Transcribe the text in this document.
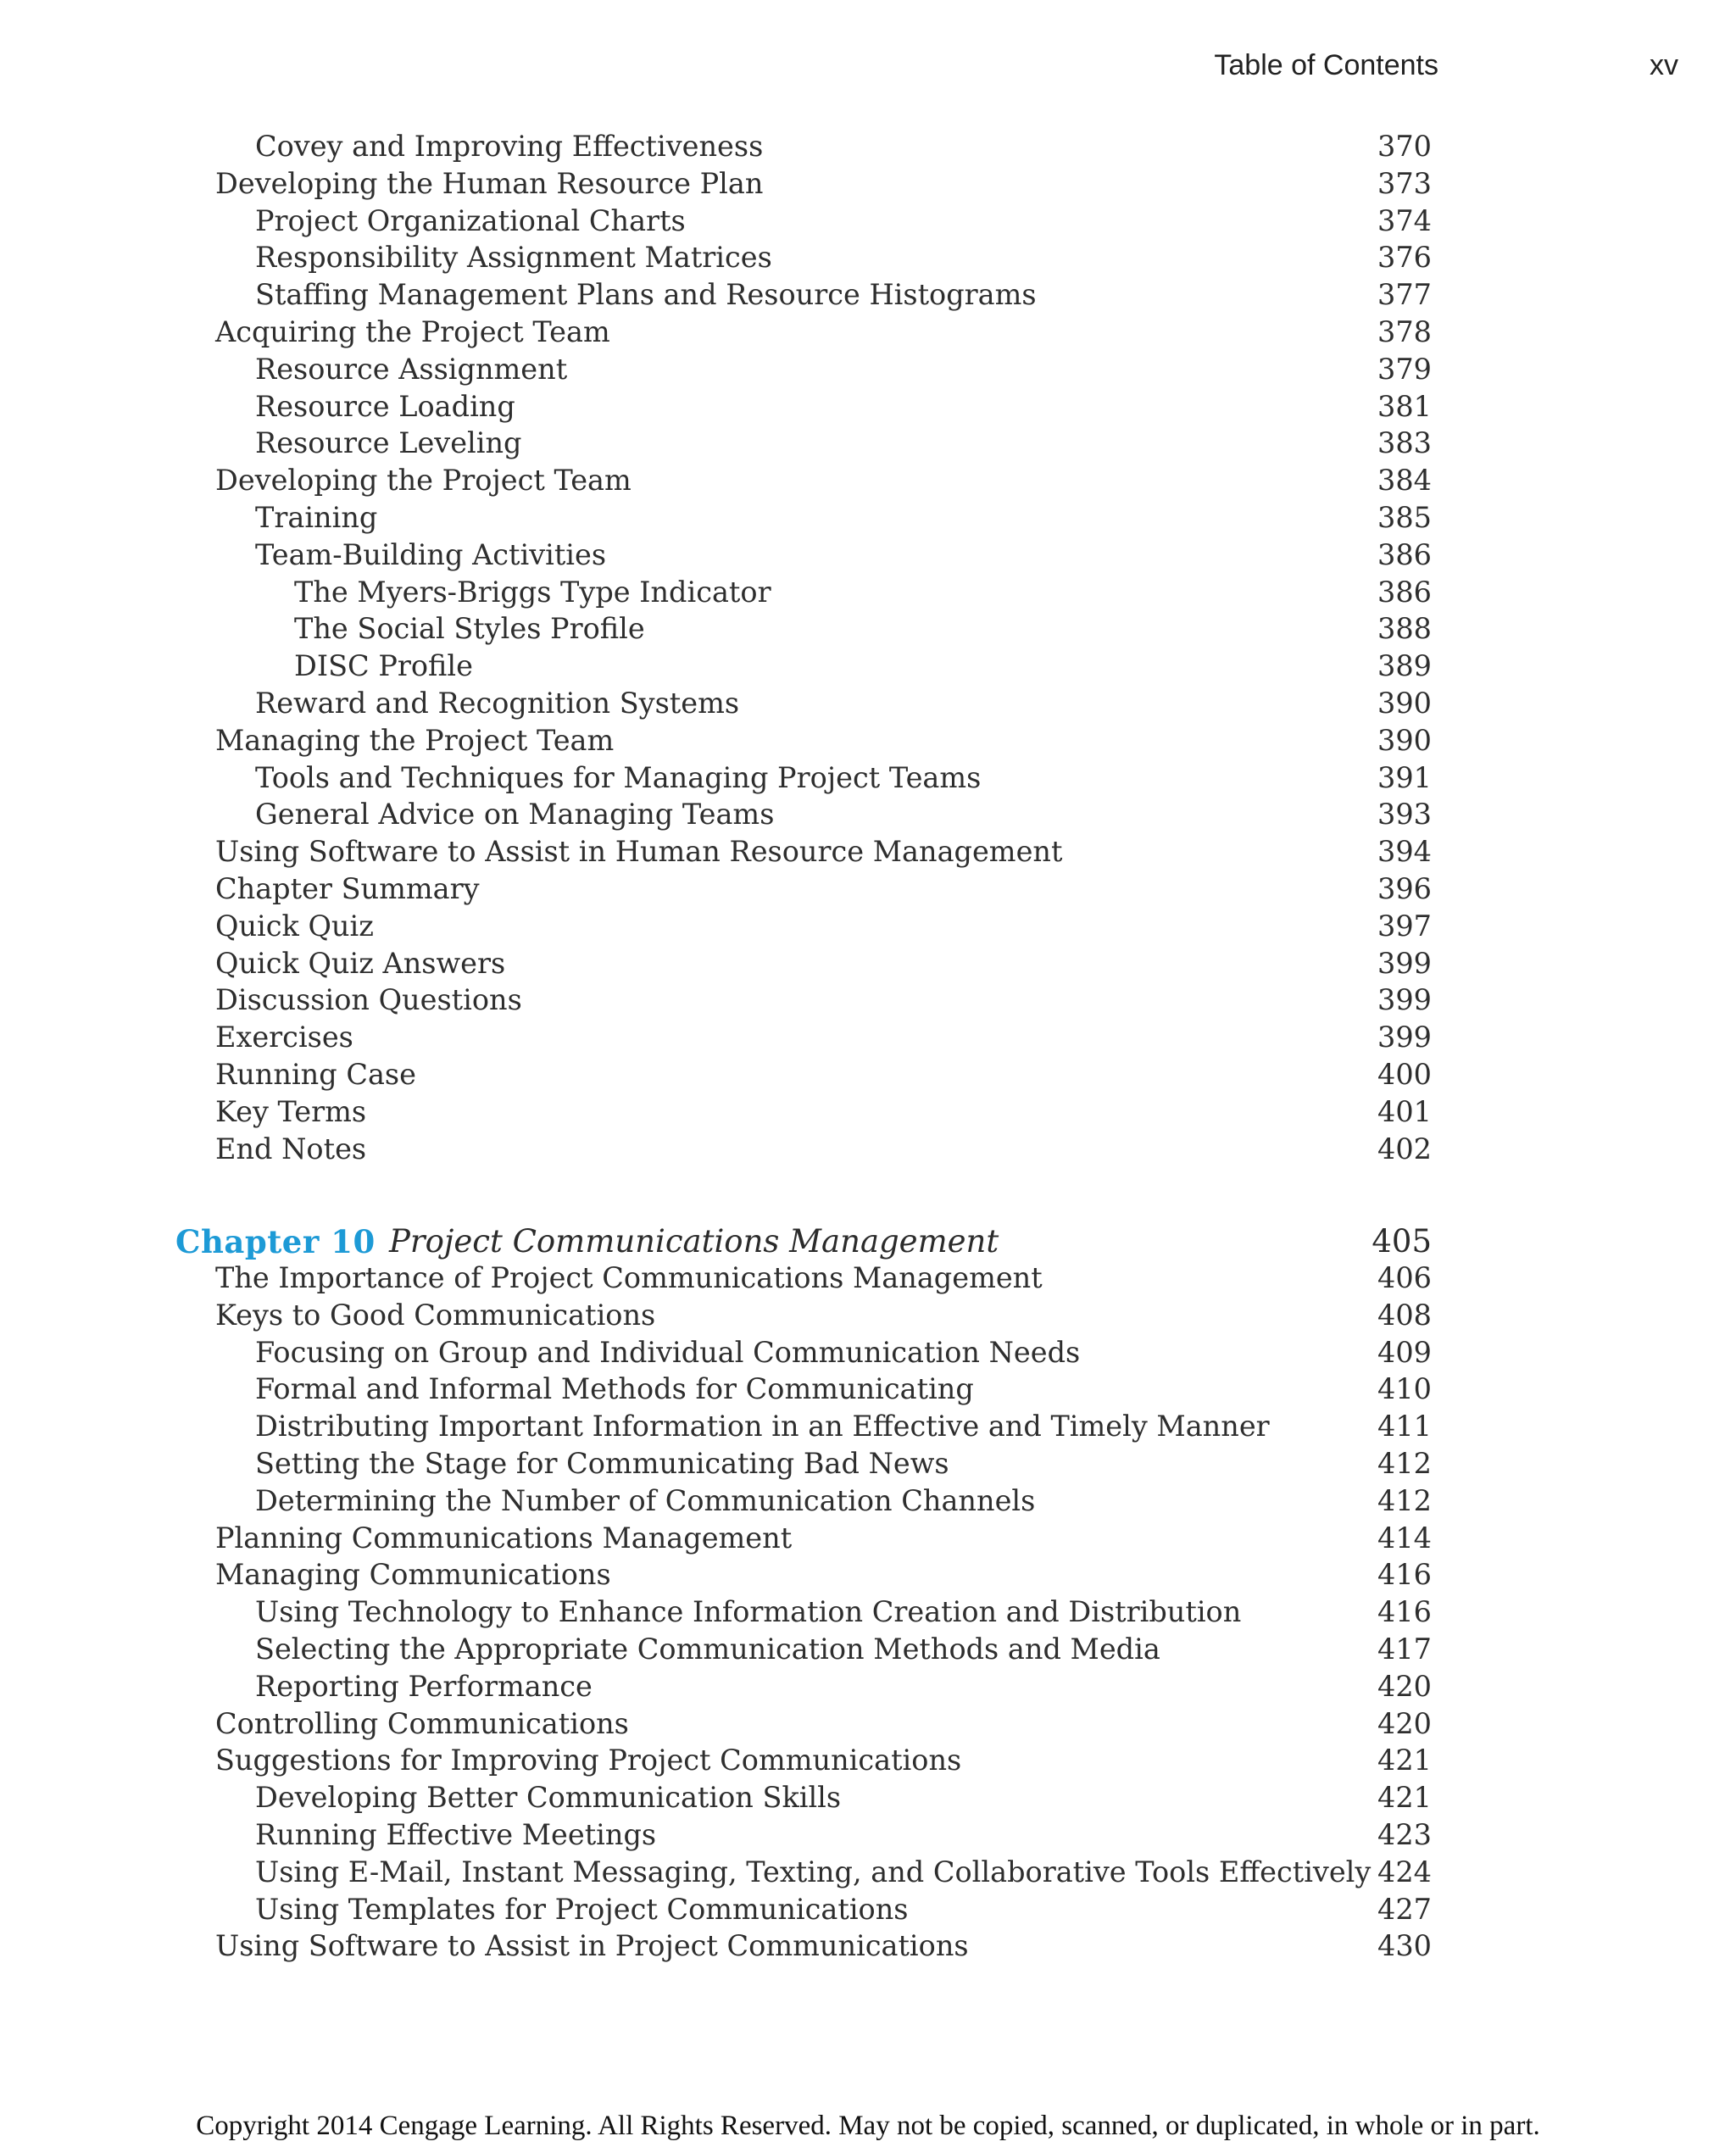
Table of Contents	xv
Covey and Improving Effectiveness	370
Developing the Human Resource Plan	373
Project Organizational Charts	374
Responsibility Assignment Matrices	376
Staffing Management Plans and Resource Histograms	377
Acquiring the Project Team	378
Resource Assignment	379
Resource Loading	381
Resource Leveling	383
Developing the Project Team	384
Training	385
Team-Building Activities	386
The Myers-Briggs Type Indicator	386
The Social Styles Profile	388
DISC Profile	389
Reward and Recognition Systems	390
Managing the Project Team	390
Tools and Techniques for Managing Project Teams	391
General Advice on Managing Teams	393
Using Software to Assist in Human Resource Management	394
Chapter Summary	396
Quick Quiz	397
Quick Quiz Answers	399
Discussion Questions	399
Exercises	399
Running Case	400
Key Terms	401
End Notes	402
Chapter 10 Project Communications Management	405
The Importance of Project Communications Management	406
Keys to Good Communications	408
Focusing on Group and Individual Communication Needs	409
Formal and Informal Methods for Communicating	410
Distributing Important Information in an Effective and Timely Manner	411
Setting the Stage for Communicating Bad News	412
Determining the Number of Communication Channels	412
Planning Communications Management	414
Managing Communications	416
Using Technology to Enhance Information Creation and Distribution	416
Selecting the Appropriate Communication Methods and Media	417
Reporting Performance	420
Controlling Communications	420
Suggestions for Improving Project Communications	421
Developing Better Communication Skills	421
Running Effective Meetings	423
Using E-Mail, Instant Messaging, Texting, and Collaborative Tools Effectively 424
Using Templates for Project Communications	427
Using Software to Assist in Project Communications	430
Copyright 2014 Cengage Learning. All Rights Reserved. May not be copied, scanned, or duplicated, in whole or in part.
